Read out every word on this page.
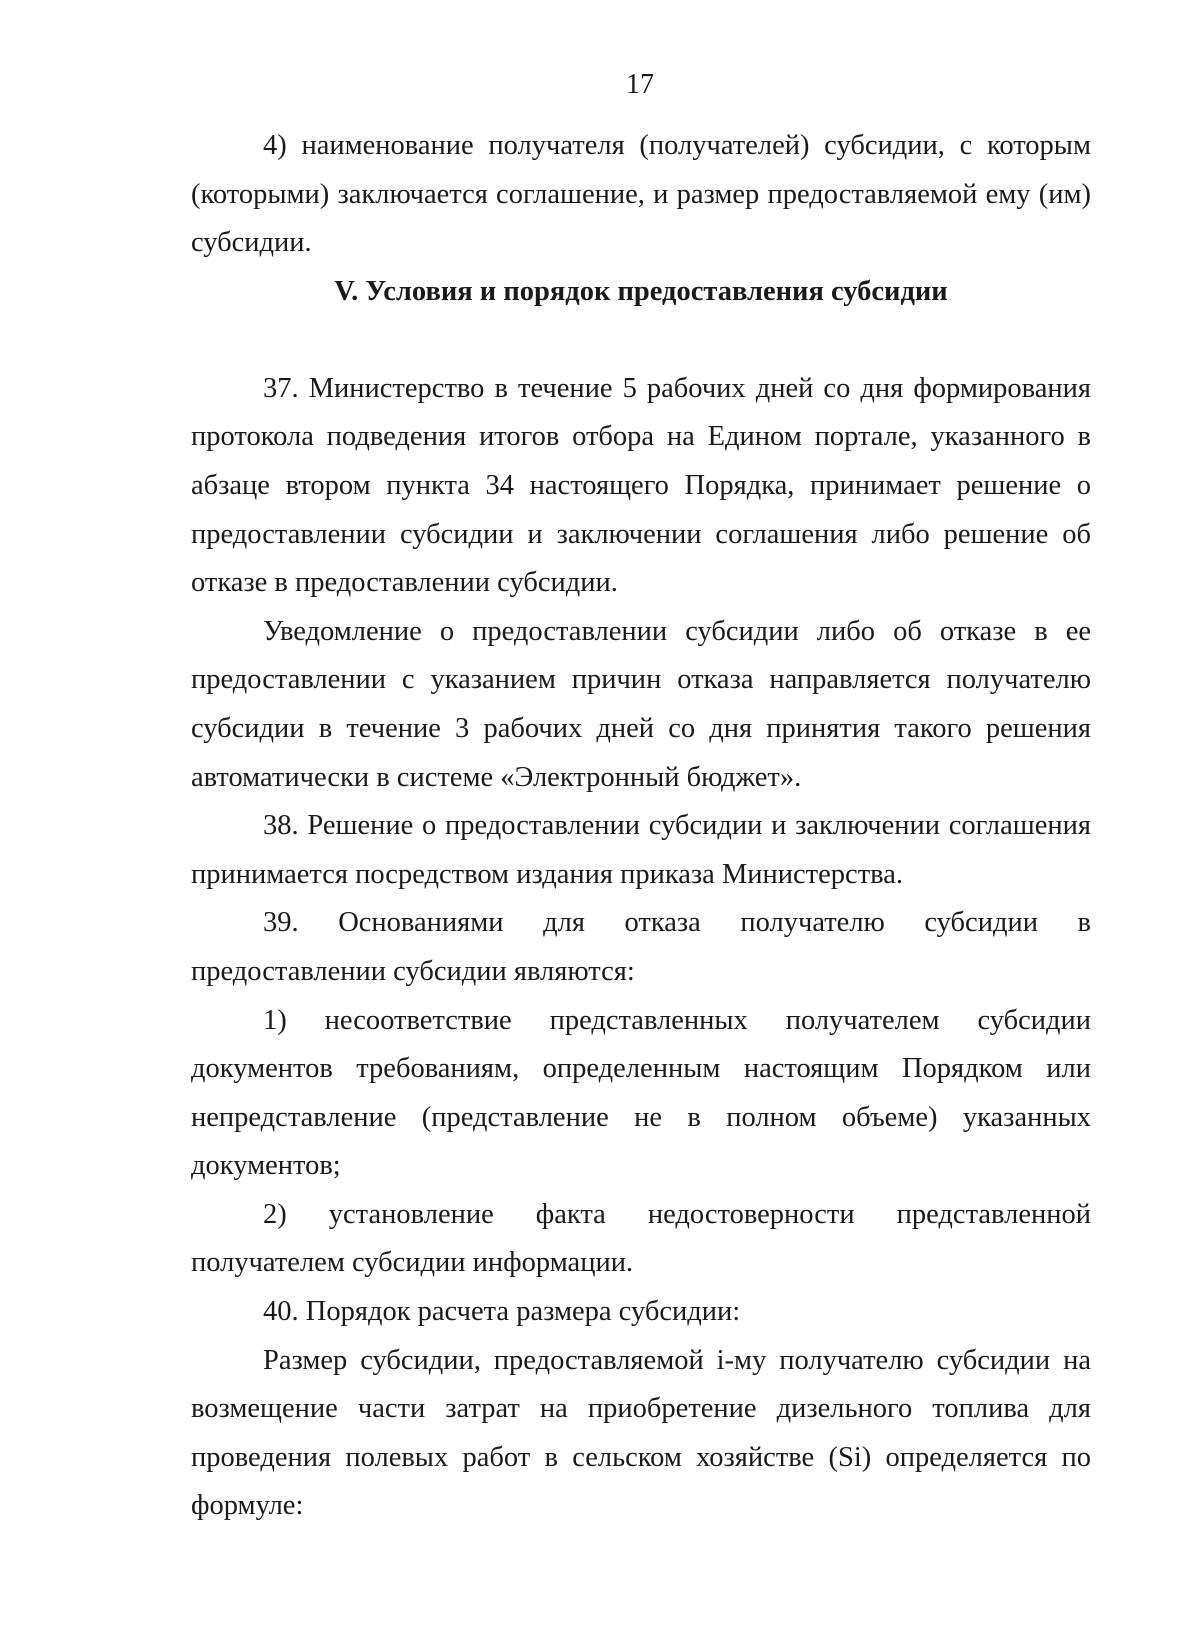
17

4) наименование получателя (получателей) субсидии, с которым (которыми) заключается соглашение, и размер предоставляемой ему (им) субсидии.

V. Условия и порядок предоставления субсидии

37. Министерство в течение 5 рабочих дней со дня формирования протокола подведения итогов отбора на Едином портале, указанного в абзаце втором пункта 34 настоящего Порядка, принимает решение о предоставлении субсидии и заключении соглашения либо решение об отказе в предоставлении субсидии.

Уведомление о предоставлении субсидии либо об отказе в ее предоставлении с указанием причин отказа направляется получателю субсидии в течение 3 рабочих дней со дня принятия такого решения автоматически в системе «Электронный бюджет».

38. Решение о предоставлении субсидии и заключении соглашения принимается посредством издания приказа Министерства.

39. Основаниями для отказа получателю субсидии в предоставлении субсидии являются:

1) несоответствие представленных получателем субсидии документов требованиям, определенным настоящим Порядком или непредставление (представление не в полном объеме) указанных документов;

2) установление факта недостоверности представленной получателем субсидии информации.

40. Порядок расчета размера субсидии:

Размер субсидии, предоставляемой i-му получателю субсидии на возмещение части затрат на приобретение дизельного топлива для проведения полевых работ в сельском хозяйстве (Si) определяется по формуле:
